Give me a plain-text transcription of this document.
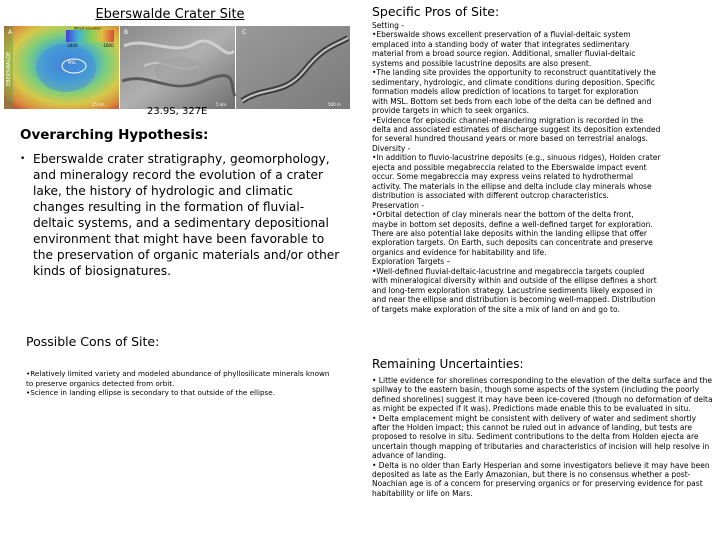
Eberswalde Crater Site
A
EBERSWALDE
MOLA elevation
-2400	-1600
MSL
25 km
B
5 km
C
500 m
23.9S, 327E
Overarching Hypothesis:
• Eberswalde crater stratigraphy, geomorphology, and mineralogy record the evolution of a crater lake, the history of hydrologic and climatic changes resulting in the formation of fluvial-deltaic systems, and a sedimentary depositional environment that might have been favorable to the preservation of organic materials and/or other kinds of biosignatures.
Possible Cons of Site:
•Relatively limited variety and modeled abundance of phyllosilicate minerals known to preserve organics detected from orbit.
•Science in landing ellipse is secondary to that outside of the ellipse.
Specific Pros of Site:
Setting -
•Eberswalde shows excellent preservation of a fluvial-deltaic system
emplaced into a standing body of water that integrates sedimentary
material from a broad source region. Additional, smaller fluvial-deltaic
systems and possible lacustrine deposits are also present.
•The landing site provides the opportunity to reconstruct quantitatively the
sedimentary, hydrologic, and climate conditions during deposition. Specific
formation models allow prediction of locations to target for exploration
with MSL. Bottom set beds from each lobe of the delta can be defined and
provide targets in which to seek organics.
•Evidence for episodic channel-meandering migration is recorded in the
delta and associated estimates of discharge suggest its deposition extended
for several hundred thousand years or more based on terrestrial analogs.
Diversity -
•In addition to fluvio-lacustrine deposits (e.g., sinuous ridges), Holden crater
ejecta and possible megabreccia related to the Eberswalde impact event
occur. Some megabreccia may express veins related to hydrothermal
activity. The materials in the ellipse and delta include clay minerals whose
distribution is associated with different outcrop characteristics.
Preservation -
•Orbital detection of clay minerals near the bottom of the delta front,
maybe in bottom set deposits, define a well-defined target for exploration.
There are also potential lake deposits within the landing ellipse that offer
exploration targets. On Earth, such deposits can concentrate and preserve
organics and evidence for habitability and life.
Exploration Targets –
•Well-defined fluvial-deltaic-lacustrine and megabreccia targets coupled
with mineralogical diversity within and outside of the ellipse defines a short
and long-term exploration strategy. Lacustrine sediments likely exposed in
and near the ellipse and distribution is becoming well-mapped. Distribution
of targets make exploration of the site a mix of land on and go to.
Remaining Uncertainties:
• Little evidence for shorelines corresponding to the elevation of the delta surface and the spillway to the eastern basin, though some aspects of the system (including the poorly defined shorelines) suggest it may have been ice-covered (though no deformation of delta as might be expected if it was). Predictions made enable this to be evaluated in situ.
• Delta emplacement might be consistent with delivery of water and sediment shortly after the Holden impact; this cannot be ruled out in advance of landing, but tests are proposed to resolve in situ. Sediment contributions to the delta from Holden ejecta are uncertain though mapping of tributaries and characteristics of incision will help resolve in advance of landing.
• Delta is no older than Early Hesperian and some investigators believe it may have been deposited as late as the Early Amazonian, but there is no consensus whether a post-Noachian age is of a concern for preserving organics or for preserving evidence for past habitability or life on Mars.
